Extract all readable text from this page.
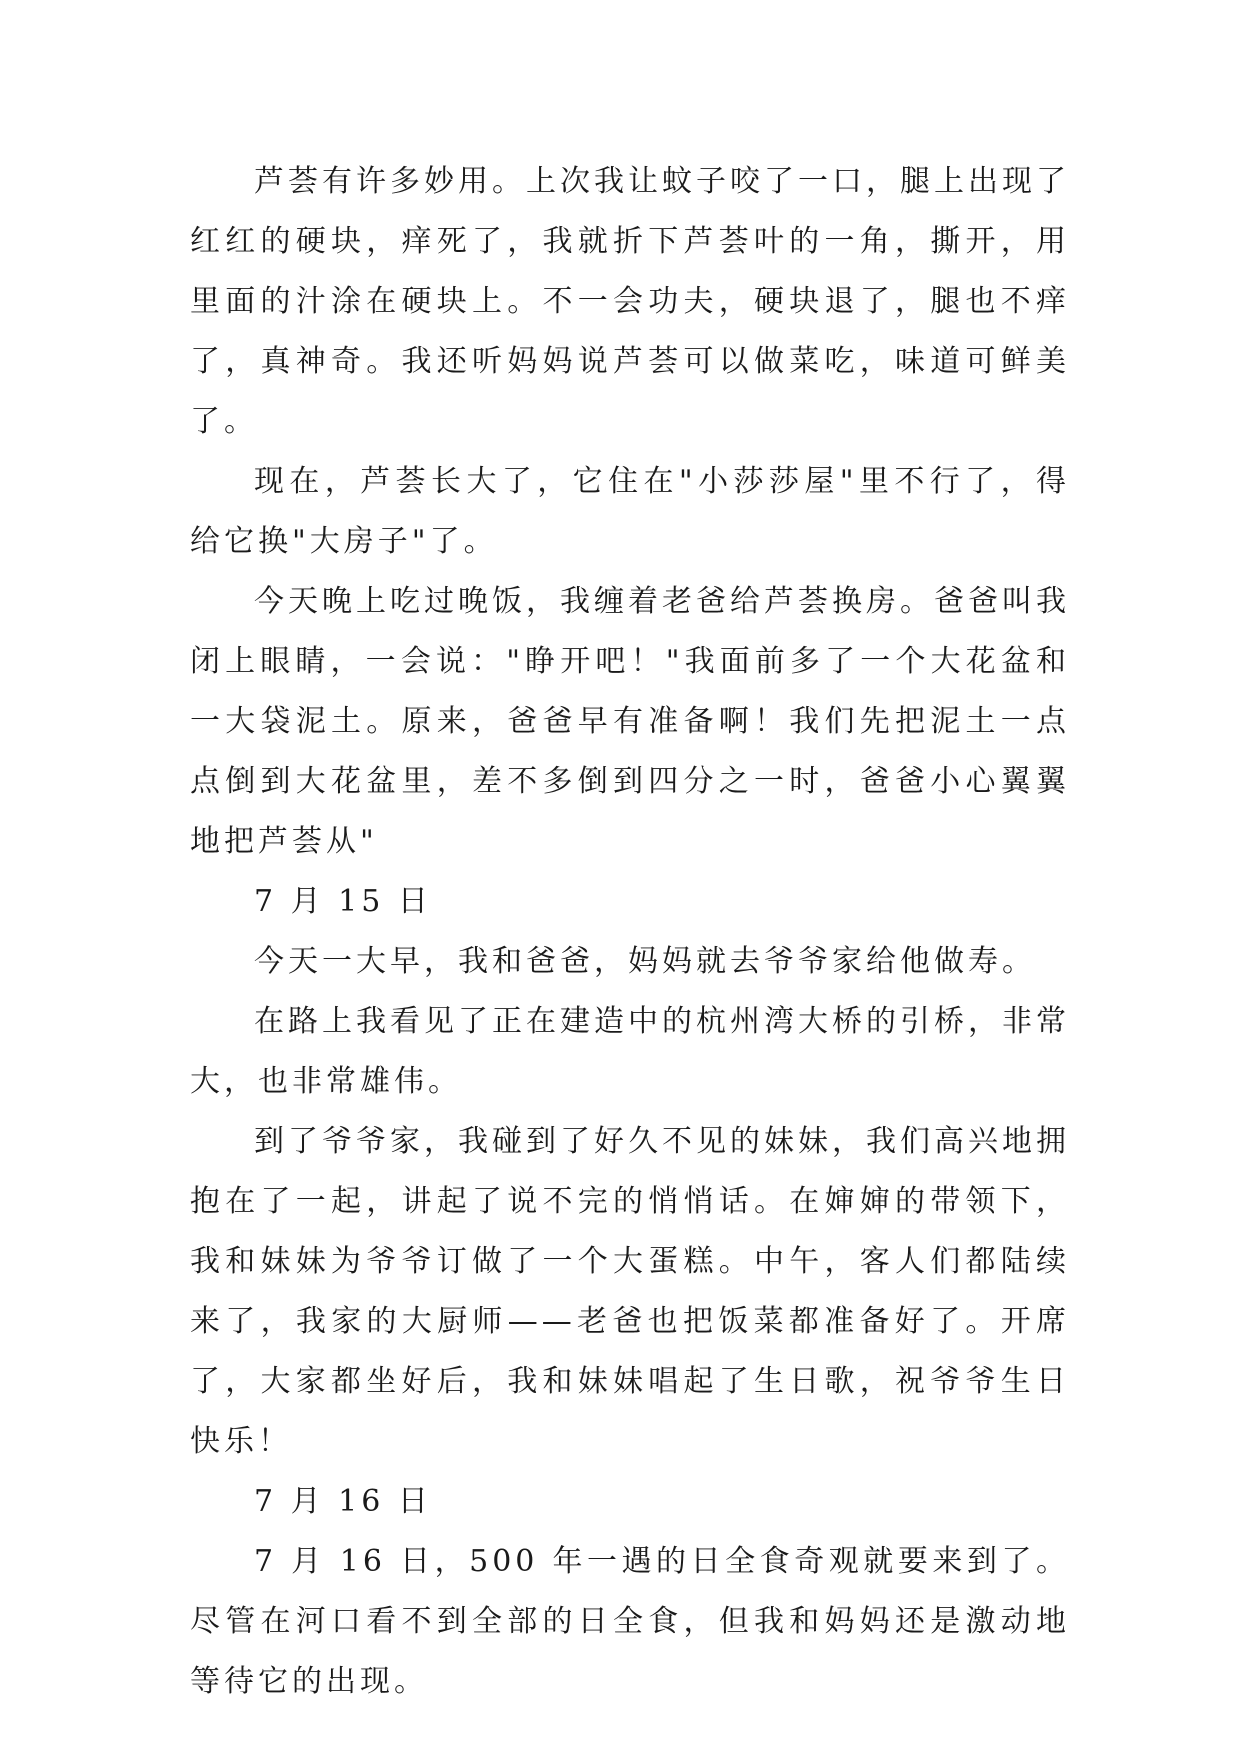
芦荟有许多妙用。上次我让蚊子咬了一口，腿上出现了红红的硬块，痒死了，我就折下芦荟叶的一角，撕开，用里面的汁涂在硬块上。不一会功夫，硬块退了，腿也不痒了，真神奇。我还听妈妈说芦荟可以做菜吃，味道可鲜美了。

现在，芦荟长大了，它住在"小莎莎屋"里不行了，得给它换"大房子"了。

今天晚上吃过晚饭，我缠着老爸给芦荟换房。爸爸叫我闭上眼睛，一会说："睁开吧！"我面前多了一个大花盆和一大袋泥土。原来，爸爸早有准备啊！我们先把泥土一点点倒到大花盆里，差不多倒到四分之一时，爸爸小心翼翼地把芦荟从"

7 月 15 日

今天一大早，我和爸爸，妈妈就去爷爷家给他做寿。

在路上我看见了正在建造中的杭州湾大桥的引桥，非常大，也非常雄伟。

到了爷爷家，我碰到了好久不见的妹妹，我们高兴地拥抱在了一起，讲起了说不完的悄悄话。在婶婶的带领下，我和妹妹为爷爷订做了一个大蛋糕。中午，客人们都陆续来了，我家的大厨师——老爸也把饭菜都准备好了。开席了，大家都坐好后，我和妹妹唱起了生日歌，祝爷爷生日快乐！

7 月 16 日

7 月 16 日，500 年一遇的日全食奇观就要来到了。尽管在河口看不到全部的日全食，但我和妈妈还是激动地等待它的出现。
